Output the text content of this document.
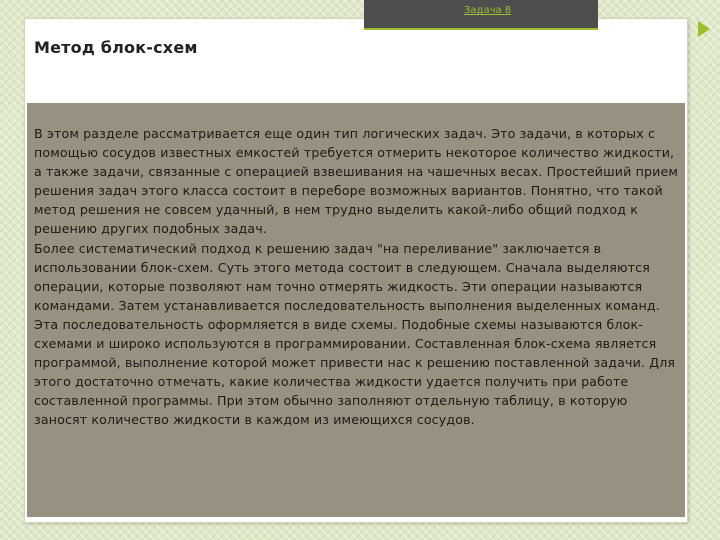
Задача 8
Метод блок-схем

В этом разделе рассматривается еще один тип логических задач. Это задачи, в которых с помощью сосудов известных емкостей требуется отмерить некоторое количество жидкости, а также задачи, связанные с операцией взвешивания на чашечных весах. Простейший прием решения задач этого класса состоит в переборе возможных вариантов. Понятно, что такой метод решения не совсем удачный, в нем трудно выделить какой-либо общий подход к решению других подобных задач.

Более систематический подход к решению задач "на переливание" заключается в использовании блок-схем. Суть этого метода состоит в следующем. Сначала выделяются операции, которые позволяют нам точно отмерять жидкость. Эти операции называются командами. Затем устанавливается последовательность выполнения выделенных команд. Эта последовательность оформляется в виде схемы. Подобные схемы называются блок-схемами и широко используются в программировании. Составленная блок-схема является программой, выполнение которой может привести нас к решению поставленной задачи. Для этого достаточно отмечать, какие количества жидкости удается получить при работе составленной программы. При этом обычно заполняют отдельную таблицу, в которую заносят количество жидкости в каждом из имеющихся сосудов.
